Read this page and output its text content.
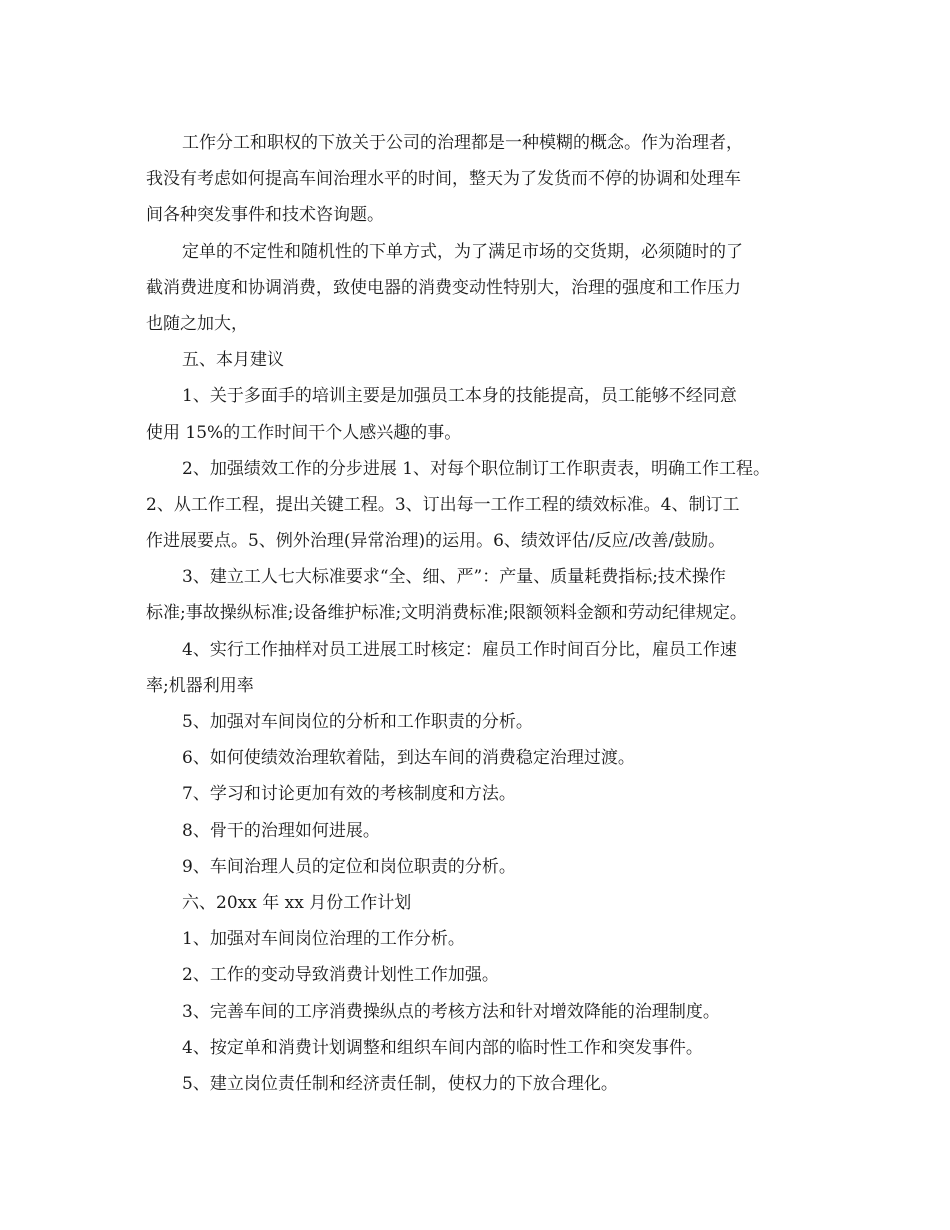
工作分工和职权的下放关于公司的治理都是一种模糊的概念。作为治理者，
我没有考虑如何提高车间治理水平的时间，整天为了发货而不停的协调和处理车
间各种突发事件和技术咨询题。
定单的不定性和随机性的下单方式，为了满足市场的交货期，必须随时的了
截消费进度和协调消费，致使电器的消费变动性特别大，治理的强度和工作压力
也随之加大，
五、本月建议
1、关于多面手的培训主要是加强员工本身的技能提高，员工能够不经同意
使用 15%的工作时间干个人感兴趣的事。
2、加强绩效工作的分步进展 1、对每个职位制订工作职责表，明确工作工程。
2、从工作工程，提出关键工程。3、订出每一工作工程的绩效标准。4、制订工
作进展要点。5、例外治理(异常治理)的运用。6、绩效评估/反应/改善/鼓励。
3、建立工人七大标准要求“全、细、严”：产量、质量耗费指标;技术操作
标准;事故操纵标准;设备维护标准;文明消费标准;限额领料金额和劳动纪律规定。
4、实行工作抽样对员工进展工时核定：雇员工作时间百分比，雇员工作速
率;机器利用率
5、加强对车间岗位的分析和工作职责的分析。
6、如何使绩效治理软着陆，到达车间的消费稳定治理过渡。
7、学习和讨论更加有效的考核制度和方法。
8、骨干的治理如何进展。
9、车间治理人员的定位和岗位职责的分析。
六、20xx 年 xx 月份工作计划
1、加强对车间岗位治理的工作分析。
2、工作的变动导致消费计划性工作加强。
3、完善车间的工序消费操纵点的考核方法和针对增效降能的治理制度。
4、按定单和消费计划调整和组织车间内部的临时性工作和突发事件。
5、建立岗位责任制和经济责任制，使权力的下放合理化。
